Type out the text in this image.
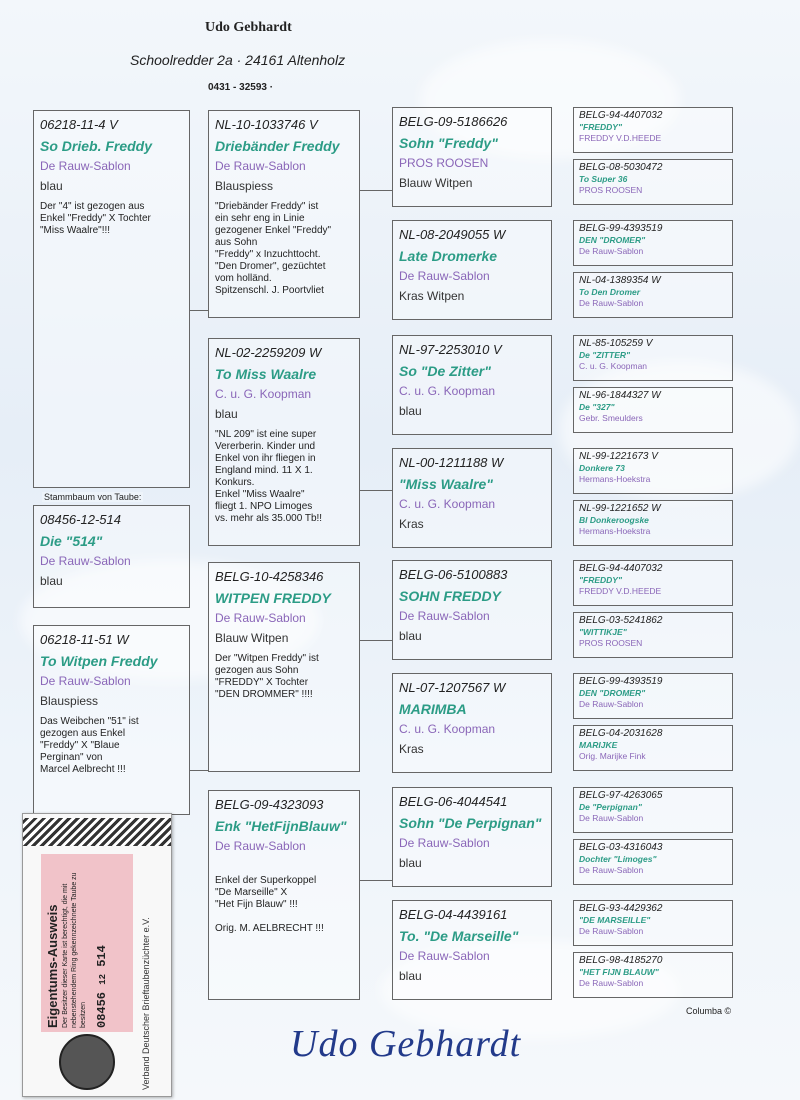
Udo Gebhardt
Schoolredder 2a · 24161 Altenholz
0431 - 32593 ·
06218-11-4 V
So Drieb. Freddy
De Rauw-Sablon
blau
Der "4" ist gezogen aus
Enkel "Freddy" X Tochter
"Miss Waalre"!!!
Stammbaum von Taube:
08456-12-514
Die "514"
De Rauw-Sablon
blau
06218-11-51 W
To Witpen Freddy
De Rauw-Sablon
Blauspiess
Das Weibchen "51" ist
gezogen aus Enkel
"Freddy" X "Blaue
Perginan" von
Marcel Aelbrecht !!!
NL-10-1033746 V
Driebänder Freddy
De Rauw-Sablon
Blauspiess
"Driebänder Freddy" ist
ein sehr eng in Linie
gezogener Enkel "Freddy"
aus Sohn
"Freddy" x Inzuchttocht.
"Den Dromer", gezüchtet
vom holländ.
Spitzenschl. J. Poortvliet
NL-02-2259209 W
To Miss Waalre
C. u. G. Koopman
blau
"NL 209" ist eine super
Vererberin. Kinder und
Enkel von ihr fliegen in
England mind. 11 X 1.
Konkurs.
Enkel "Miss Waalre"
fliegt 1. NPO Limoges
vs. mehr als 35.000 Tb!!
BELG-10-4258346
WITPEN FREDDY
De Rauw-Sablon
Blauw Witpen
Der "Witpen Freddy" ist
gezogen aus Sohn
"FREDDY" X Tochter
"DEN DROMMER" !!!!
BELG-09-4323093
Enk "HetFijnBlauw"
De Rauw-Sablon
Enkel der Superkoppel
"De Marseille" X
"Het Fijn Blauw" !!!

Orig. M. AELBRECHT !!!
BELG-09-5186626
Sohn "Freddy"
PROS ROOSEN
Blauw Witpen
NL-08-2049055 W
Late Dromerke
De Rauw-Sablon
Kras Witpen
NL-97-2253010 V
So "De Zitter"
C. u. G. Koopman
blau
NL-00-1211188 W
"Miss Waalre"
C. u. G. Koopman
Kras
BELG-06-5100883
SOHN FREDDY
De Rauw-Sablon
blau
NL-07-1207567 W
MARIMBA
C. u. G. Koopman
Kras
BELG-06-4044541
Sohn "De Perpignan"
De Rauw-Sablon
blau
BELG-04-4439161
To. "De Marseille"
De Rauw-Sablon
blau
BELG-94-4407032
"FREDDY"
FREDDY V.D.HEEDE
BELG-08-5030472
To Super 36
PROS ROOSEN
BELG-99-4393519
DEN "DROMER"
De Rauw-Sablon
NL-04-1389354 W
To Den Dromer
De Rauw-Sablon
NL-85-105259 V
De "ZITTER"
C. u. G. Koopman
NL-96-1844327 W
De "327"
Gebr. Smeulders
NL-99-1221673 V
Donkere 73
Hermans-Hoekstra
NL-99-1221652 W
Bl Donkeroogske
Hermans-Hoekstra
BELG-94-4407032
"FREDDY"
FREDDY V.D.HEEDE
BELG-03-5241862
"WITTIKJE"
PROS ROOSEN
BELG-99-4393519
DEN "DROMER"
De Rauw-Sablon
BELG-04-2031628
MARIJKE
Orig. Marijke Fink
BELG-97-4263065
De "Perpignan"
De Rauw-Sablon
BELG-03-4316043
Dochter "Limoges"
De Rauw-Sablon
BELG-93-4429362
"DE MARSEILLE"
De Rauw-Sablon
BELG-98-4185270
"HET FIJN BLAUW"
De Rauw-Sablon
Columba ©
Udo Gebhardt
Eigentums-Ausweis Der Besitzer dieser Karte ist berechtigt, die mit nebenstehendem Ring gekennzeichnete Taube zu besitzen 08456 12 514	Verband Deutscher Brieftaubenzüchter e.V.
